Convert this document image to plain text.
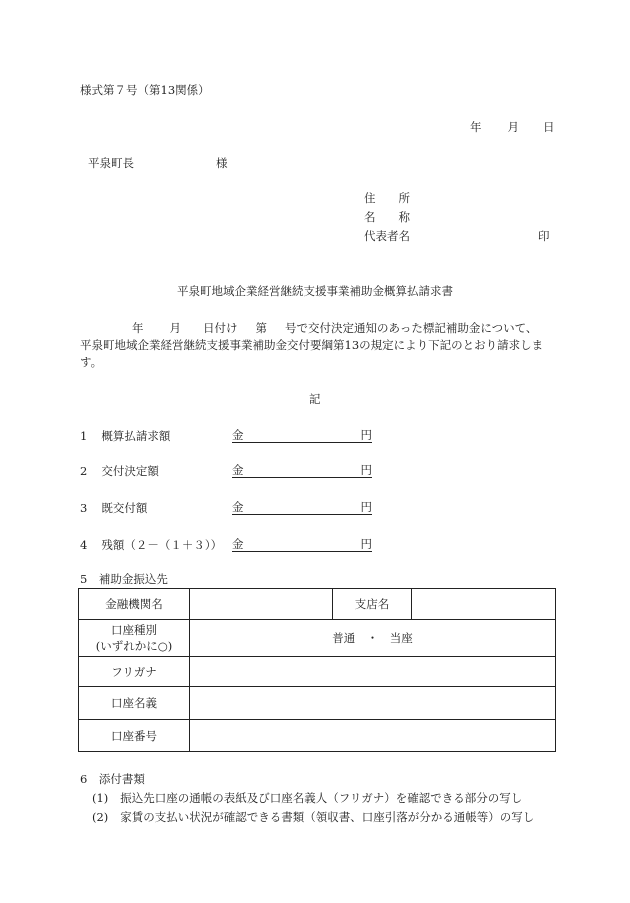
様式第７号（第13関係）
年 月 日
平泉町長	様
住　　所
名　　称
代表者名	印
平泉町地域企業経営継続支援事業補助金概算払請求書
年 月 日付け 第 号で交付決定通知のあった標記補助金について、
平泉町地域企業経営継続支援事業補助金交付要綱第13の規定により下記のとおり請求しま
す。
記
1 概算払請求額	金	円
2 交付決定額	金	円
3 既交付額	金	円
4 残額（２－（１＋３）） 金	円
5　補助金振込先
金融機関名		支店名	

口座種別
(いずれかに○)	普通　・　当座		
フリガナ			
口座名義			
口座番号			
6　添付書類
(1) 振込先口座の通帳の表紙及び口座名義人（フリガナ）を確認できる部分の写し
(2) 家賃の支払い状況が確認できる書類（領収書、口座引落が分かる通帳等）の写し
